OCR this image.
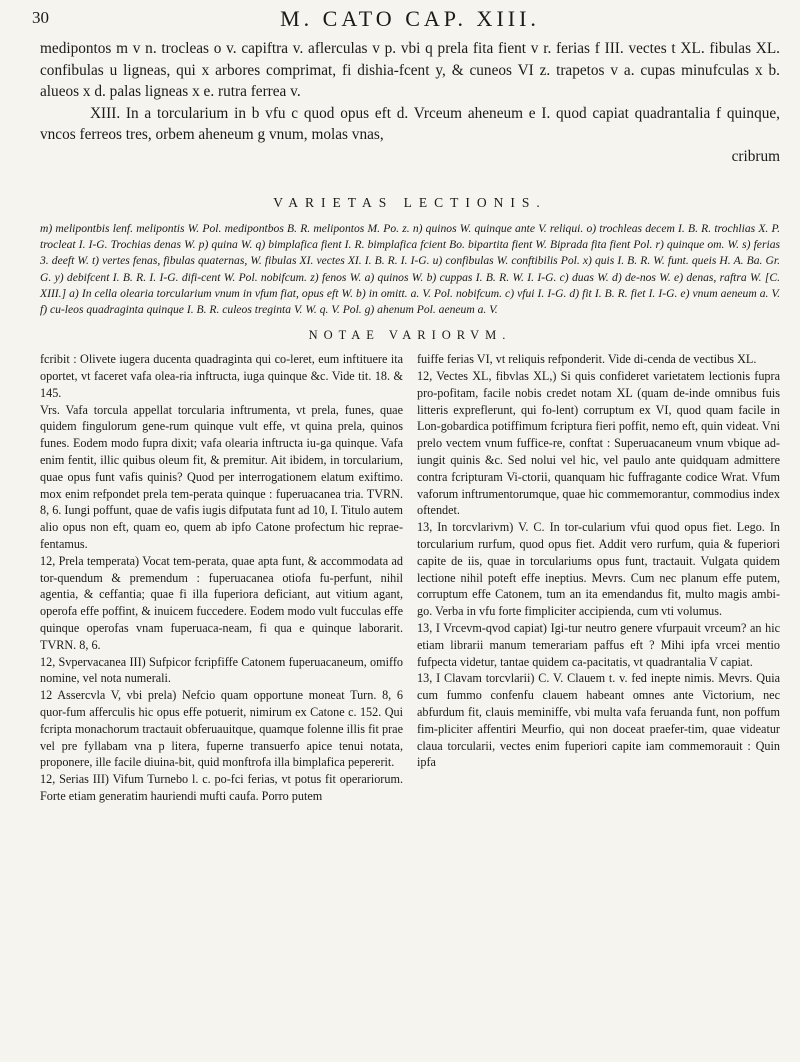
30	M. CATO CAP. XIII.

medipontos m v n. trocleas o v. capiftra v. aflerculas v p. vbi q prela fita fient v r. ferias f III. vectes t XL. fibulas XL. confibulas u ligneas, qui x arbores comprimat, fi dishia-fcent y, & cuneos VI z. trapetos v a. cupas minufculas x b. alueos x d. palas ligneas x e. rutra ferrea v.

XIII. In a torcularium in b vfu c quod opus eft d. Vrceum aheneum e I. quod capiat quadrantalia f quinque, vncos ferreos tres, orbem aheneum g vnum, molas vnas,

cribrum

VARIETAS LECTIONIS.

m) melipontbis lenf. melipontis W. Pol. medipontbos B. R. melipontos M. Po. z. n) quinos W. quinque ante V. reliqui. o) trochleas decem I. B. R. trochlias X. P. trocleat I. I-G. Trochias denas W. p) quina W. q) bimplafica fient I. R. bimplafica fcient Bo. bipartita fient W. Biprada fita fient Pol. r) quinque om. W. s) ferias 3. deeft W. t) vertes fenas, fibulas quaternas, W. fibulas XI. vectes XI. I. B. R. I. I-G. u) confibulas W. conftibilis Pol. x) quis I. B. R. W. funt. queis H. A. Ba. Gr. G. y) debifcent I. B. R. I. I-G. difi-cent W. Pol. nobifcum. z) fenos W. a) quinos W. b) cuppas I. B. R. W. I. I-G. c) duas W. d) de-nos W. e) denas, raftra W. [C. XIII.] a) In cella olearia torcularium vnum in vfum fiat, opus eft W. b) in omitt. a. V. Pol. nobifcum. c) vfui I. I-G. d) fit I. B. R. fiet I. I-G. e) vnum aeneum a. V. f) cu-leos quadraginta quinque I. B. R. culeos treginta V. W. q. V. Pol. g) ahenum Pol. aeneum a. V.

NOTAE VARIORVM.

fcribit : Olivete iugera ducenta quadraginta qui co-leret, eum inftituere ita oportet, vt faceret vafa olea-ria inftructa, iuga quinque &c. Vide tit. 18. & 145.

Vrs. Vafa torcula appellat torcularia inftrumenta, vt prela, funes, quae quidem fingulorum gene-rum quinque vult effe, vt quina prela, quinos funes. Eodem modo fupra dixit; vafa olearia inftructa iu-ga quinque. Vafa enim fentit, illic quibus oleum fit, & premitur. Ait ibidem, in torcularium, quae opus funt vafis quinis? Quod per interrogationem elatum exiftimo. mox enim refpondet prela tem-perata quinque : fuperuacanea tria. TVRN. 8, 6. Iungi poffunt, quae de vafis iugis difputata funt ad 10, I. Titulo autem alio opus non eft, quam eo, quem ab ipfo Catone profectum hic reprae-fentamus.

12, Prela temperata) Vocat tem-perata, quae apta funt, & accommodata ad tor-quendum & premendum : fuperuacanea otiofa fu-perfunt, nihil agentia, & ceffantia; quae fi illa fuperiora deficiant, aut vitium agant, operofa effe poffint, & inuicem fuccedere. Eodem modo vult fucculas effe quinque operofas vnam fuperuaca-neam, fi qua e quinque laborarit. TVRN. 8, 6.

12, Svpervacanea III) Sufpicor fcripfiffe Catonem fuperuacaneum, omiffo nomine, vel nota numerali.

12 Assercvla V, vbi prela) Nefcio quam opportune moneat Turn. 8, 6 quor-fum afferculis hic opus effe potuerit, nimirum ex Catone c. 152. Qui fcripta monachorum tractauit obferuauitque, quamque folenne illis fit prae vel pre fyllabam vna p litera, fuperne transuerfo apice tenui notata, proponere, ille facile diuina-bit, quid monftrofa illa bimplafica pepererit.

12, Serias III) Vifum Turnebo l. c. po-fci ferias, vt potus fit operariorum. Forte etiam generatim hauriendi mufti caufa. Porro putem

fuiffe ferias VI, vt reliquis refponderit. Vide di-cenda de vectibus XL.

12, Vectes XL, fibvlas XL,) Si quis confideret varietatem lectionis fupra pro-pofitam, facile nobis credet notam XL (quam de-inde omnibus fuis litteris expreflerunt, qui fo-lent) corruptum ex VI, quod quam facile in Lon-gobardica potiffimum fcriptura fieri poffit, nemo eft, quin videat. Vni prelo vectem vnum fuffice-re, conftat : Superuacaneum vnum vbique ad-iungit quinis &c. Sed nolui vel hic, vel paulo ante quidquam admittere contra fcripturam Vi-ctorii, quanquam hic fuffragante codice Wrat. Vfum vaforum inftrumentorumque, quae hic commemorantur, commodius index oftendet.

13, In torcvlarivm) V. C. In tor-cularium vfui quod opus fiet. Lego. In torcularium rurfum, quod opus fiet. Addit vero rurfum, quia & fuperiori capite de iis, quae in torculariums opus funt, tractauit. Vulgata quidem lectione nihil poteft effe ineptius. Mevrs. Cum nec planum effe putem, corruptum effe Catonem, tum an ita emendandus fit, multo magis ambi-go. Verba in vfu forte fimpliciter accipienda, cum vti volumus.

13, I Vrcevm-qvod capiat) Igi-tur neutro genere vfurpauit vrceum? an hic etiam librarii manum temerariam paffus eft ? Mihi ipfa vrcei mentio fufpecta videtur, tantae quidem ca-pacitatis, vt quadrantalia V capiat.

13, I Clavam torcvlarii) C. V. Clauem t. v. fed inepte nimis. Mevrs. Quia cum fummo confenfu clauem habeant omnes ante Victorium, nec abfurdum fit, clauis meminiffe, vbi multa vafa feruanda funt, non poffum fim-pliciter affentiri Meurfio, qui non doceat praefer-tim, quae videatur claua torcularii, vectes enim fuperiori capite iam commemorauit : Quin ipfa
